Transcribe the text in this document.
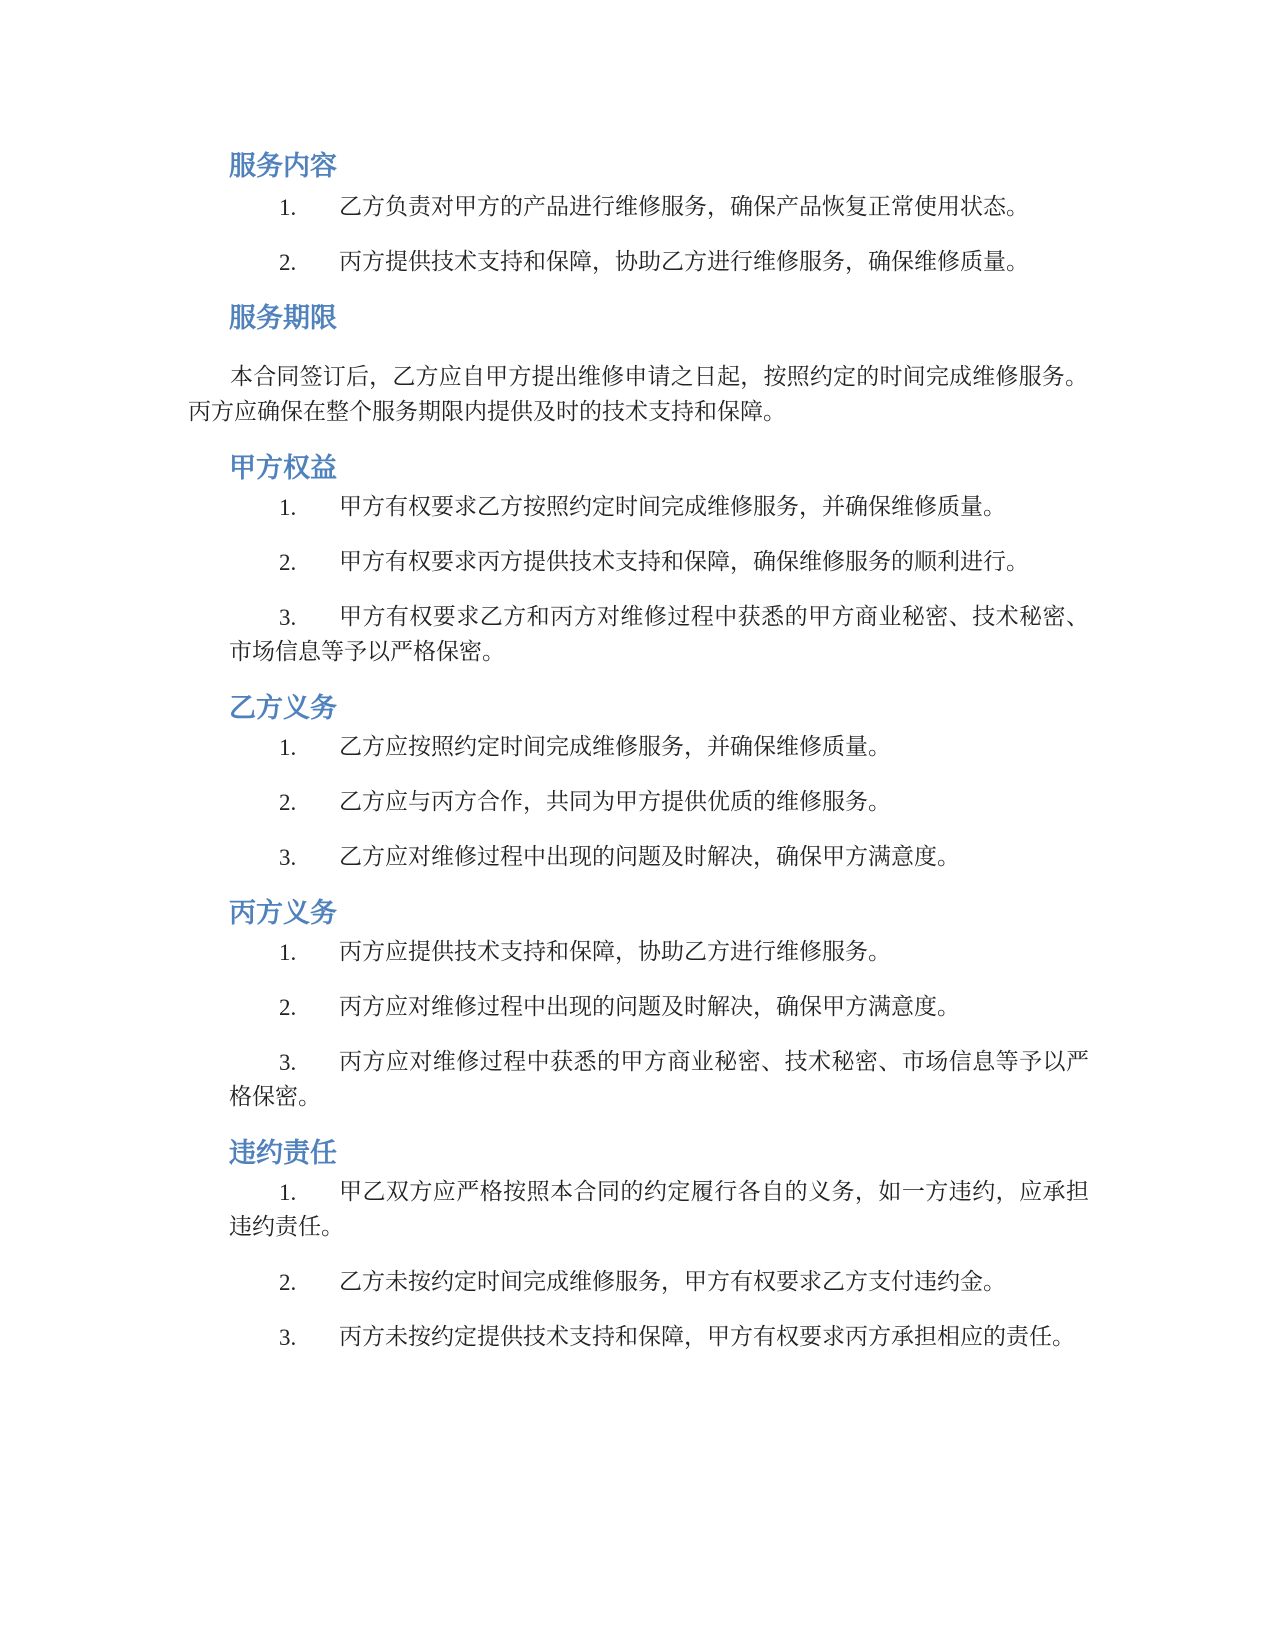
服务内容
1.	乙方负责对甲方的产品进行维修服务，确保产品恢复正常使用状态。
2.	丙方提供技术支持和保障，协助乙方进行维修服务，确保维修质量。
服务期限

本合同签订后，乙方应自甲方提出维修申请之日起，按照约定的时间完成维修服务。丙方应确保在整个服务期限内提供及时的技术支持和保障。

甲方权益
1.	甲方有权要求乙方按照约定时间完成维修服务，并确保维修质量。
2.	甲方有权要求丙方提供技术支持和保障，确保维修服务的顺利进行。
3.	甲方有权要求乙方和丙方对维修过程中获悉的甲方商业秘密、技术秘密、市场信息等予以严格保密。
乙方义务
1.	乙方应按照约定时间完成维修服务，并确保维修质量。
2.	乙方应与丙方合作，共同为甲方提供优质的维修服务。
3.	乙方应对维修过程中出现的问题及时解决，确保甲方满意度。
丙方义务
1.	丙方应提供技术支持和保障，协助乙方进行维修服务。
2.	丙方应对维修过程中出现的问题及时解决，确保甲方满意度。
3.	丙方应对维修过程中获悉的甲方商业秘密、技术秘密、市场信息等予以严格保密。
违约责任
1.	甲乙双方应严格按照本合同的约定履行各自的义务，如一方违约，应承担违约责任。
2.	乙方未按约定时间完成维修服务，甲方有权要求乙方支付违约金。
3.	丙方未按约定提供技术支持和保障，甲方有权要求丙方承担相应的责任。
